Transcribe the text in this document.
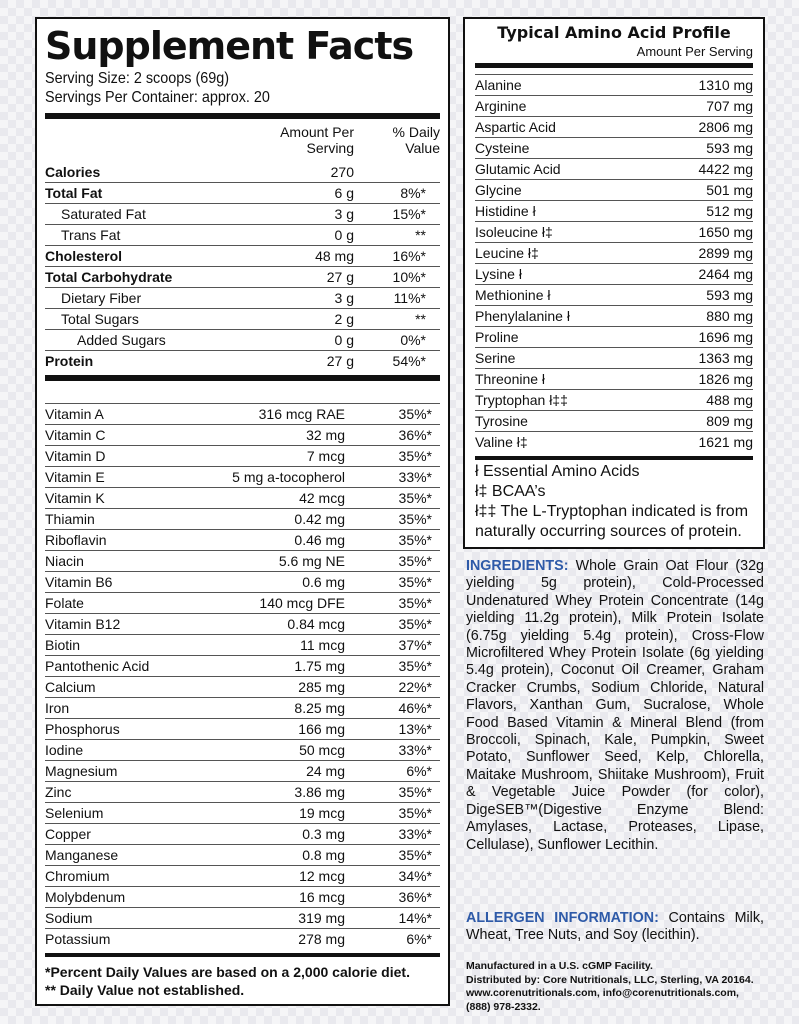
Supplement Facts
Serving Size: 2 scoops (69g)
Servings Per Container: approx. 20
Amount Per Serving
% Daily Value
Calories	270
Total Fat	6 g	8%*
Saturated Fat	3 g	15%*
Trans Fat	0 g	**
Cholesterol	48 mg	16%*
Total Carbohydrate	27 g	10%*
Dietary Fiber	3 g	11%*
Total Sugars	2 g	**
Added Sugars	0 g	0%*
Protein	27 g	54%*
Vitamin A	316 mcg RAE	35%*
Vitamin C	32 mg	36%*
Vitamin D	7 mcg	35%*
Vitamin E	5 mg a-tocopherol	33%*
Vitamin K	42 mcg	35%*
Thiamin	0.42 mg	35%*
Riboflavin	0.46 mg	35%*
Niacin	5.6 mg NE	35%*
Vitamin B6	0.6 mg	35%*
Folate	140 mcg DFE	35%*
Vitamin B12	0.84 mcg	35%*
Biotin	11 mcg	37%*
Pantothenic Acid	1.75 mg	35%*
Calcium	285 mg	22%*
Iron	8.25 mg	46%*
Phosphorus	166 mg	13%*
Iodine	50 mcg	33%*
Magnesium	24 mg	6%*
Zinc	3.86 mg	35%*
Selenium	19 mcg	35%*
Copper	0.3 mg	33%*
Manganese	0.8 mg	35%*
Chromium	12 mcg	34%*
Molybdenum	16 mcg	36%*
Sodium	319 mg	14%*
Potassium	278 mg	6%*
*Percent Daily Values are based on a 2,000 calorie diet.
** Daily Value not established.
Typical Amino Acid Profile
Amount Per Serving
Alanine	1310 mg
Arginine	707 mg
Aspartic Acid	2806 mg
Cysteine	593 mg
Glutamic Acid	4422 mg
Glycine	501 mg
Histidine ł	512 mg
Isoleucine ł‡	1650 mg
Leucine ł‡	2899 mg
Lysine ł	2464 mg
Methionine ł	593 mg
Phenylalanine ł	880 mg
Proline	1696 mg
Serine	1363 mg
Threonine ł	1826 mg
Tryptophan ł‡‡	488 mg
Tyrosine	809 mg
Valine ł‡	1621 mg
ł Essential Amino Acids
ł‡ BCAA’s
ł‡‡ The L-Tryptophan indicated is from naturally occurring sources of protein.
INGREDIENTS: Whole Grain Oat Flour (32g yielding 5g protein), Cold-Processed Undenatured Whey Protein Concentrate (14g yielding 11.2g protein), Milk Protein Isolate (6.75g yielding 5.4g protein), Cross-Flow Microfiltered Whey Protein Isolate (6g yielding 5.4g protein), Coconut Oil Creamer, Graham Cracker Crumbs, Sodium Chloride, Natural Flavors, Xanthan Gum, Sucralose, Whole Food Based Vitamin & Mineral Blend (from Broccoli, Spinach, Kale, Pumpkin, Sweet Potato, Sunflower Seed, Kelp, Chlorella, Maitake Mushroom, Shiitake Mushroom), Fruit & Vegetable Juice Powder (for color), DigeSEB™(Digestive Enzyme Blend: Amylases, Lactase, Proteases, Lipase, Cellulase), Sunflower Lecithin.
ALLERGEN INFORMATION: Contains Milk, Wheat, Tree Nuts, and Soy (lecithin).
Manufactured in a U.S. cGMP Facility.
Distributed by: Core Nutritionals, LLC, Sterling, VA 20164.
www.corenutritionals.com, info@corenutritionals.com,
(888) 978-2332.
